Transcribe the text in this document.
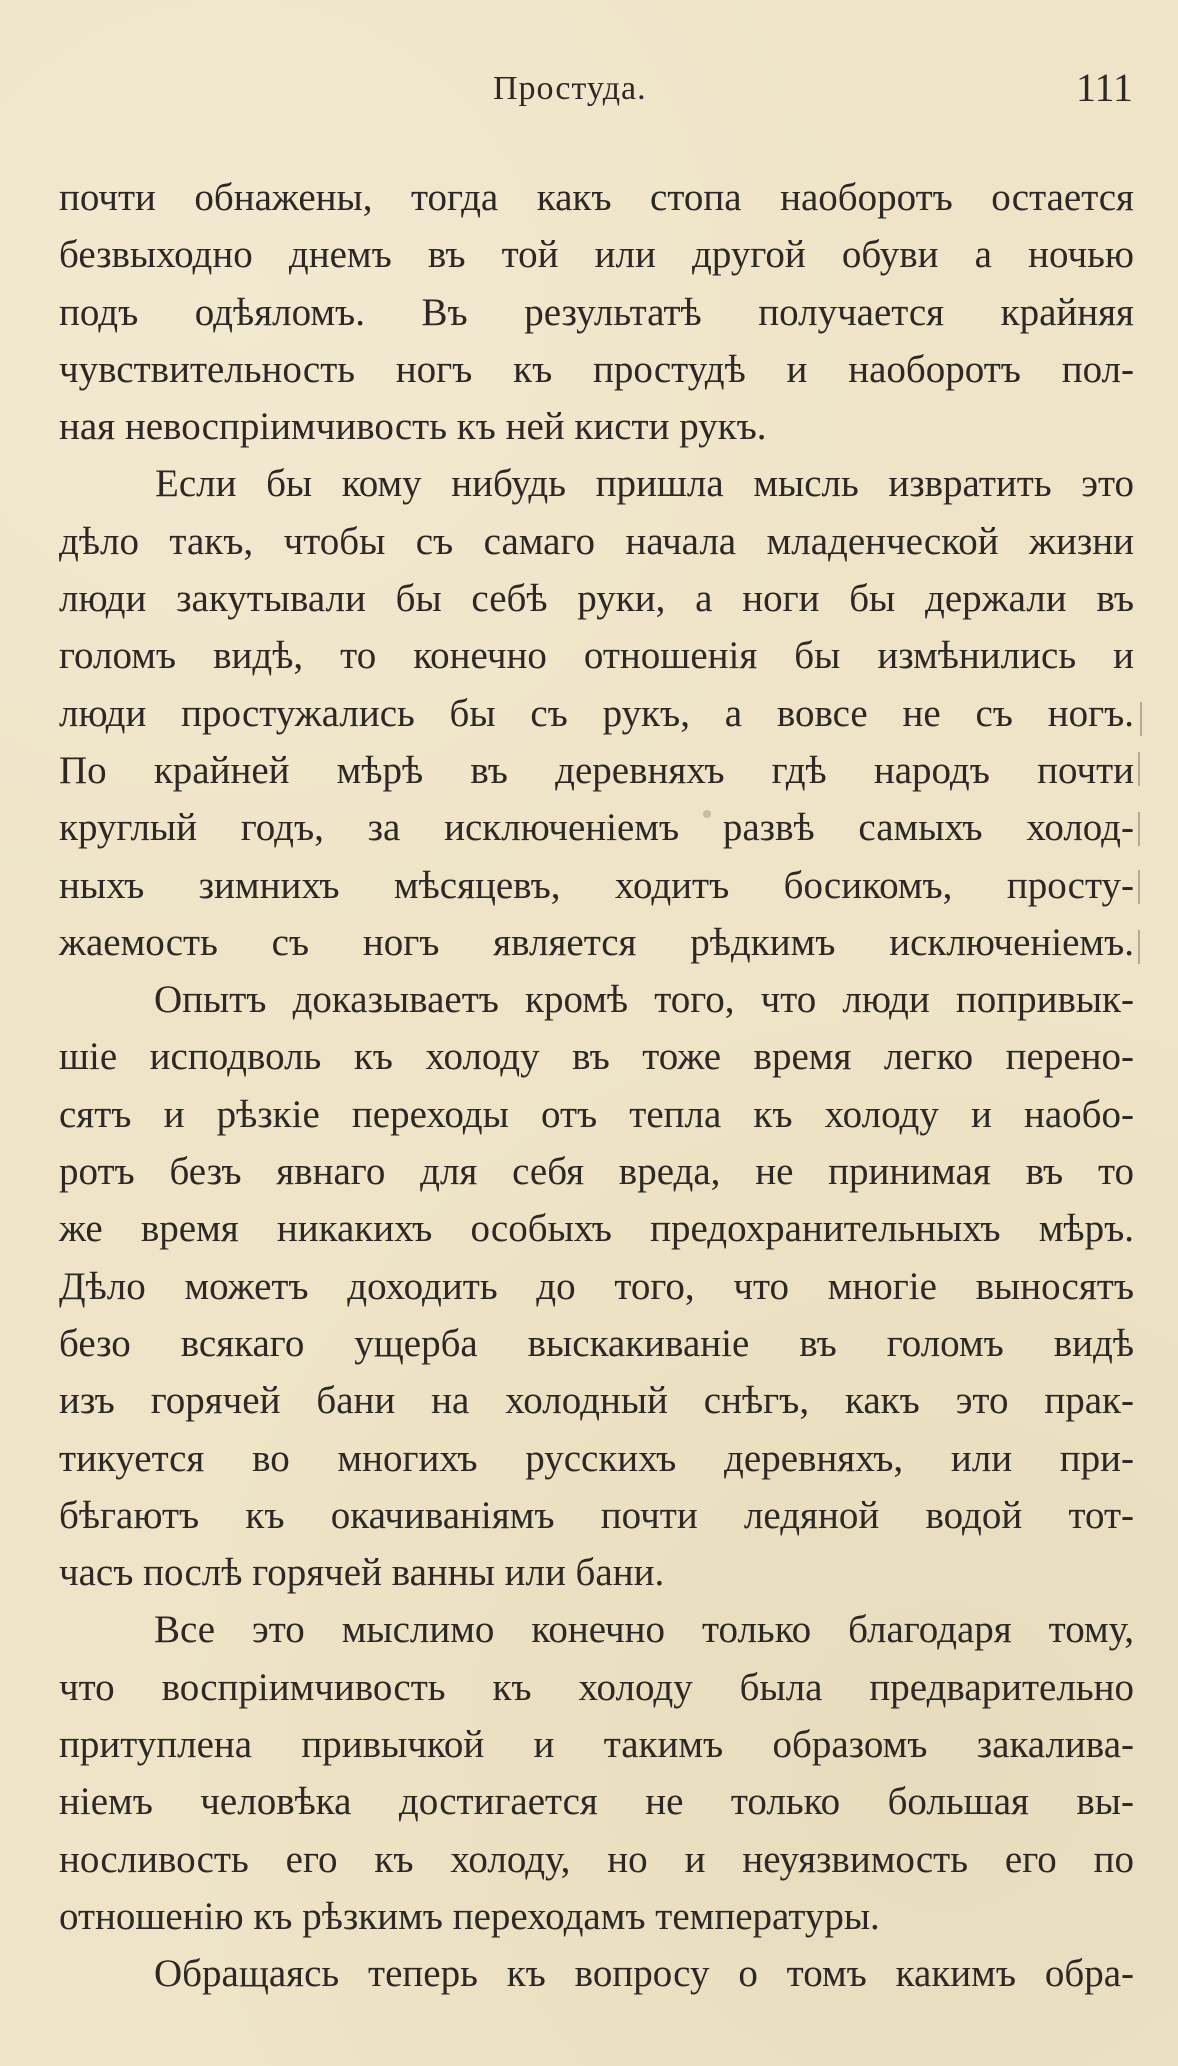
Простуда.	111
почти обнажены, тогда какъ стопа наоборотъ остается
безвыходно днемъ въ той или другой обуви а ночью
подъ одѣяломъ. Въ результатѣ получается крайняя
чувствительность ногъ къ простудѣ и наоборотъ пол-
ная невоспріимчивость къ ней кисти рукъ.
Если бы кому нибудь пришла мысль извратить это
дѣло такъ, чтобы съ самаго начала младенческой жизни
люди закутывали бы себѣ руки, а ноги бы держали въ
голомъ видѣ, то конечно отношенія бы измѣнились и
люди простужались бы съ рукъ, а вовсе не съ ногъ.
По крайней мѣрѣ въ деревняхъ гдѣ народъ почти
круглый годъ, за исключеніемъ развѣ самыхъ холод-
ныхъ зимнихъ мѣсяцевъ, ходитъ босикомъ, просту-
жаемость съ ногъ является рѣдкимъ исключеніемъ.
Опытъ доказываетъ кромѣ того, что люди попривык-
шіе исподволь къ холоду въ тоже время легко перено-
сятъ и рѣзкіе переходы отъ тепла къ холоду и наобо-
ротъ безъ явнаго для себя вреда, не принимая въ то
же время никакихъ особыхъ предохранительныхъ мѣръ.
Дѣло можетъ доходить до того, что многіе выносятъ
безо всякаго ущерба выскакиваніе въ голомъ видѣ
изъ горячей бани на холодный снѣгъ, какъ это прак-
тикуется во многихъ русскихъ деревняхъ, или при-
бѣгаютъ къ окачиваніямъ почти ледяной водой тот-
часъ послѣ горячей ванны или бани.
Все это мыслимо конечно только благодаря тому,
что воспріимчивость къ холоду была предварительно
притуплена привычкой и такимъ образомъ закалива-
ніемъ человѣка достигается не только большая вы-
носливость его къ холоду, но и неуязвимость его по
отношенію къ рѣзкимъ переходамъ температуры.
Обращаясь теперь къ вопросу о томъ какимъ обра-
